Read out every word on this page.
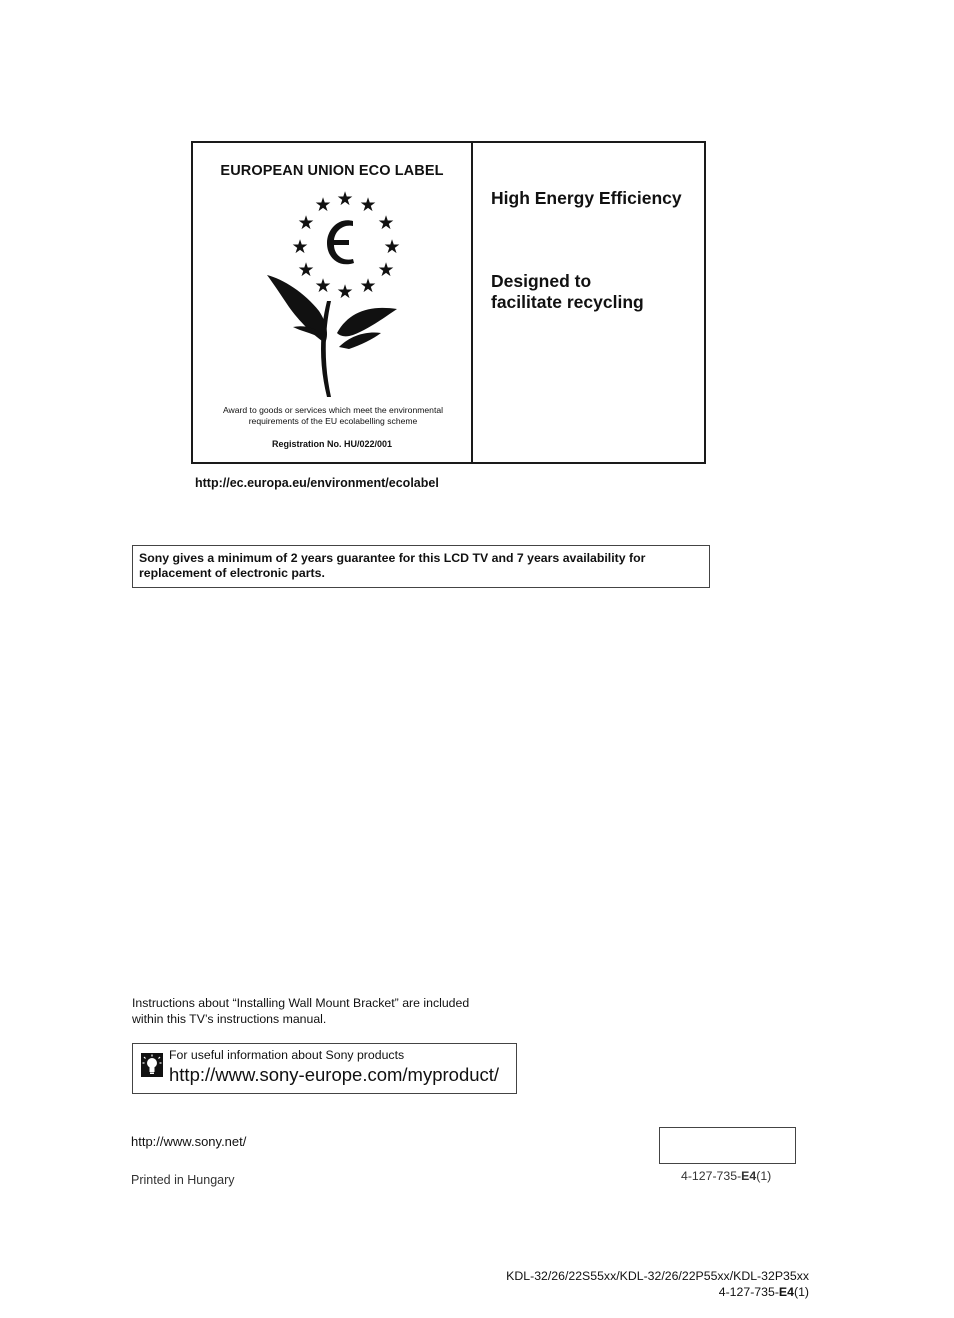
EUROPEAN UNION ECO LABEL
★
★ ★
★	★
★	★
★	★
★ ★
★
Award to goods or services which meet the environmental
requirements of the EU ecolabelling scheme
Registration No. HU/022/001
High Energy Efficiency
Designed to
facilitate recycling
http://ec.europa.eu/environment/ecolabel
Sony gives a minimum of 2 years guarantee for this LCD TV and 7 years availability for
replacement of electronic parts.
Instructions about “Installing Wall Mount Bracket” are included
within this TV’s instructions manual.
For useful information about Sony products
http://www.sony-europe.com/myproduct/
http://www.sony.net/
Printed in Hungary	4-127-735-E4(1)
KDL-32/26/22S55xx/KDL-32/26/22P55xx/KDL-32P35xx
4-127-735-E4(1)
